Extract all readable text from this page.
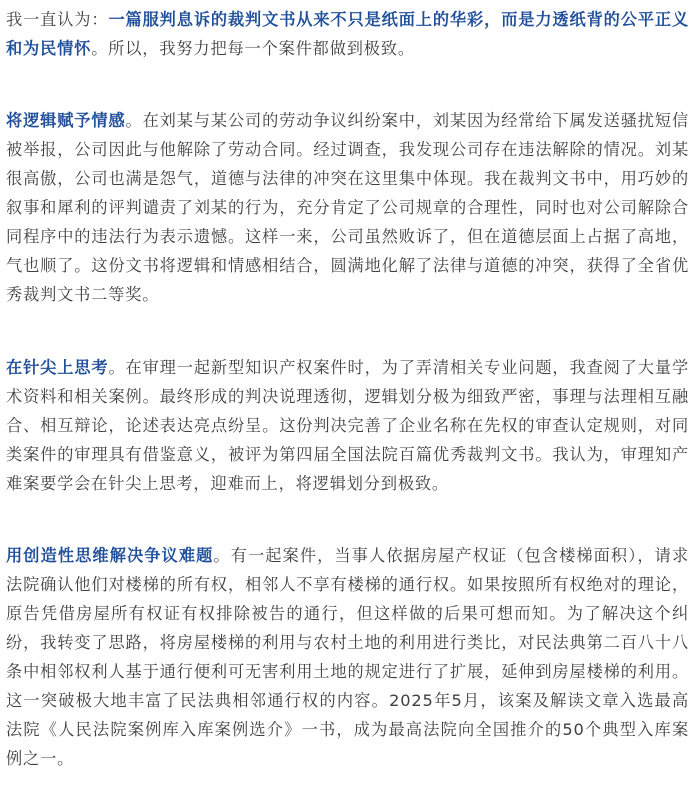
我一直认为：一篇服判息诉的裁判文书从来不只是纸面上的华彩，而是力透纸背的公平正义和为民情怀。所以，我努力把每一个案件都做到极致。

将逻辑赋予情感。在刘某与某公司的劳动争议纠纷案中，刘某因为经常给下属发送骚扰短信被举报，公司因此与他解除了劳动合同。经过调查，我发现公司存在违法解除的情况。刘某很高傲，公司也满是怨气，道德与法律的冲突在这里集中体现。我在裁判文书中，用巧妙的叙事和犀利的评判谴责了刘某的行为，充分肯定了公司规章的合理性，同时也对公司解除合同程序中的违法行为表示遗憾。这样一来，公司虽然败诉了，但在道德层面上占据了高地，气也顺了。这份文书将逻辑和情感相结合，圆满地化解了法律与道德的冲突，获得了全省优秀裁判文书二等奖。

在针尖上思考。在审理一起新型知识产权案件时，为了弄清相关专业问题，我查阅了大量学术资料和相关案例。最终形成的判决说理透彻，逻辑划分极为细致严密，事理与法理相互融合、相互辩论，论述表达亮点纷呈。这份判决完善了企业名称在先权的审查认定规则，对同类案件的审理具有借鉴意义，被评为第四届全国法院百篇优秀裁判文书。我认为，审理知产难案要学会在针尖上思考，迎难而上，将逻辑划分到极致。

用创造性思维解决争议难题。有一起案件，当事人依据房屋产权证（包含楼梯面积），请求法院确认他们对楼梯的所有权，相邻人不享有楼梯的通行权。如果按照所有权绝对的理论，原告凭借房屋所有权证有权排除被告的通行，但这样做的后果可想而知。为了解决这个纠纷，我转变了思路，将房屋楼梯的利用与农村土地的利用进行类比，对民法典第二百八十八条中相邻权利人基于通行便利可无害利用土地的规定进行了扩展，延伸到房屋楼梯的利用。这一突破极大地丰富了民法典相邻通行权的内容。2025年5月，该案及解读文章入选最高法院《人民法院案例库入库案例选介》一书，成为最高法院向全国推介的50个典型入库案例之一。
